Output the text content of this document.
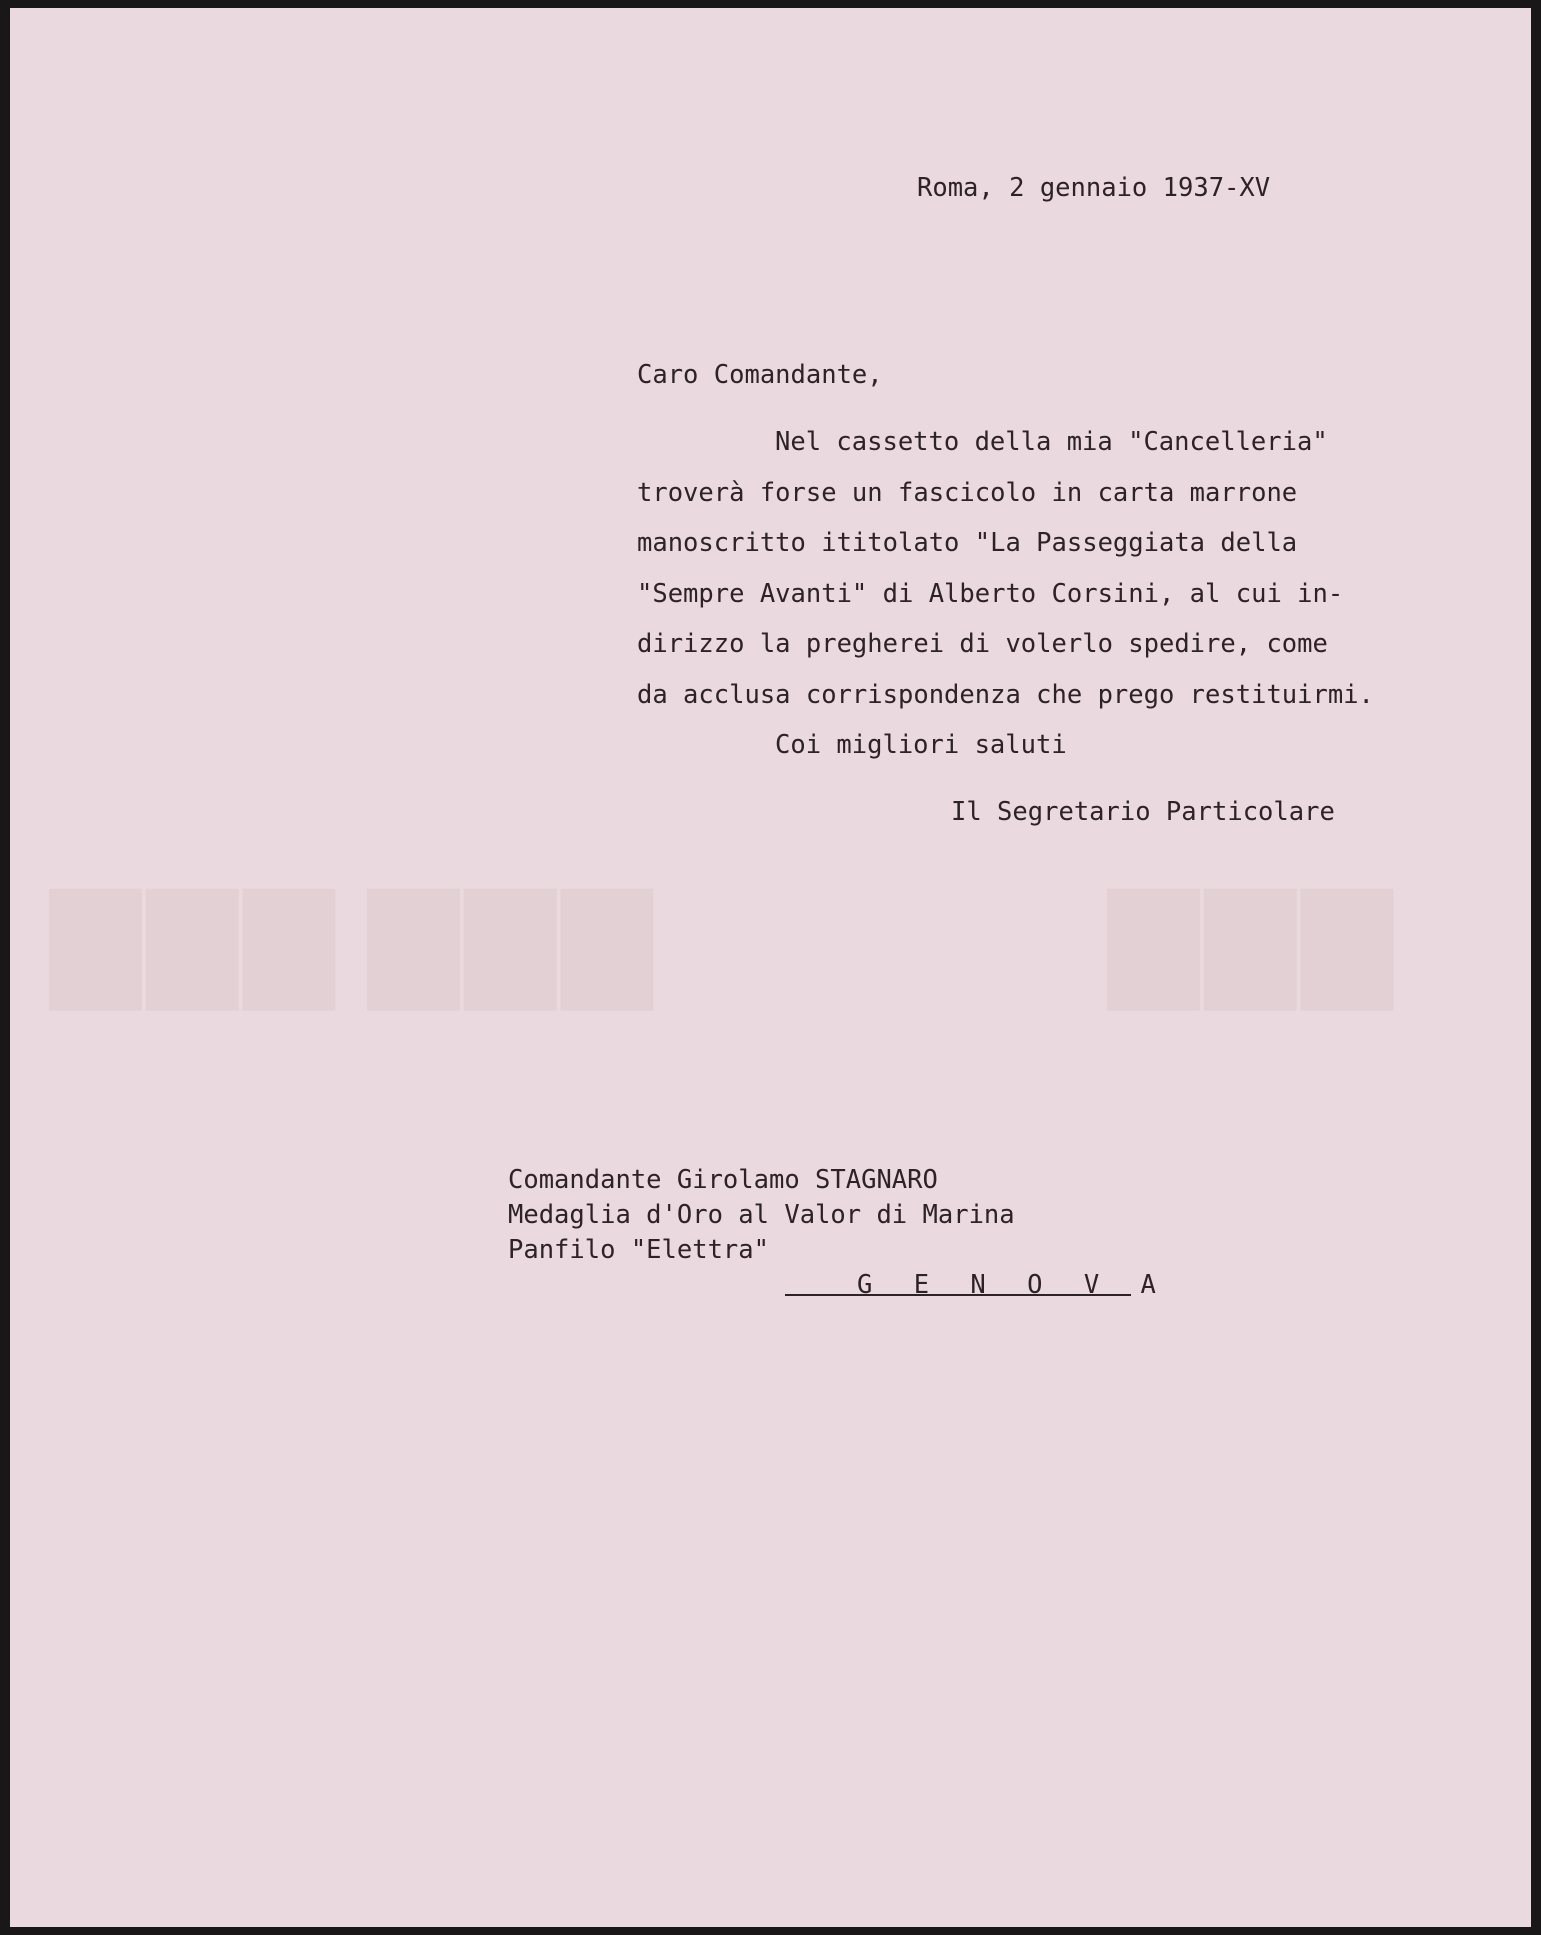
▇▇▇ ▇▇▇	▇▇▇

Roma, 2 gennaio 1937-XV

Caro Comandante,

Nel cassetto della mia "Cancelleria"

troverà forse un fascicolo in carta marrone

manoscritto ititolato "La Passeggiata della

"Sempre Avanti" di Alberto Corsini, al cui in-

dirizzo la pregherei di volerlo spedire, come

da acclusa corrispondenza che prego restituirmi.

Coi migliori saluti

Il Segretario Particolare

Comandante Girolamo STAGNARO

Medaglia d'Oro al Valor di Marina

Panfilo "Elettra"

G E N O V A
